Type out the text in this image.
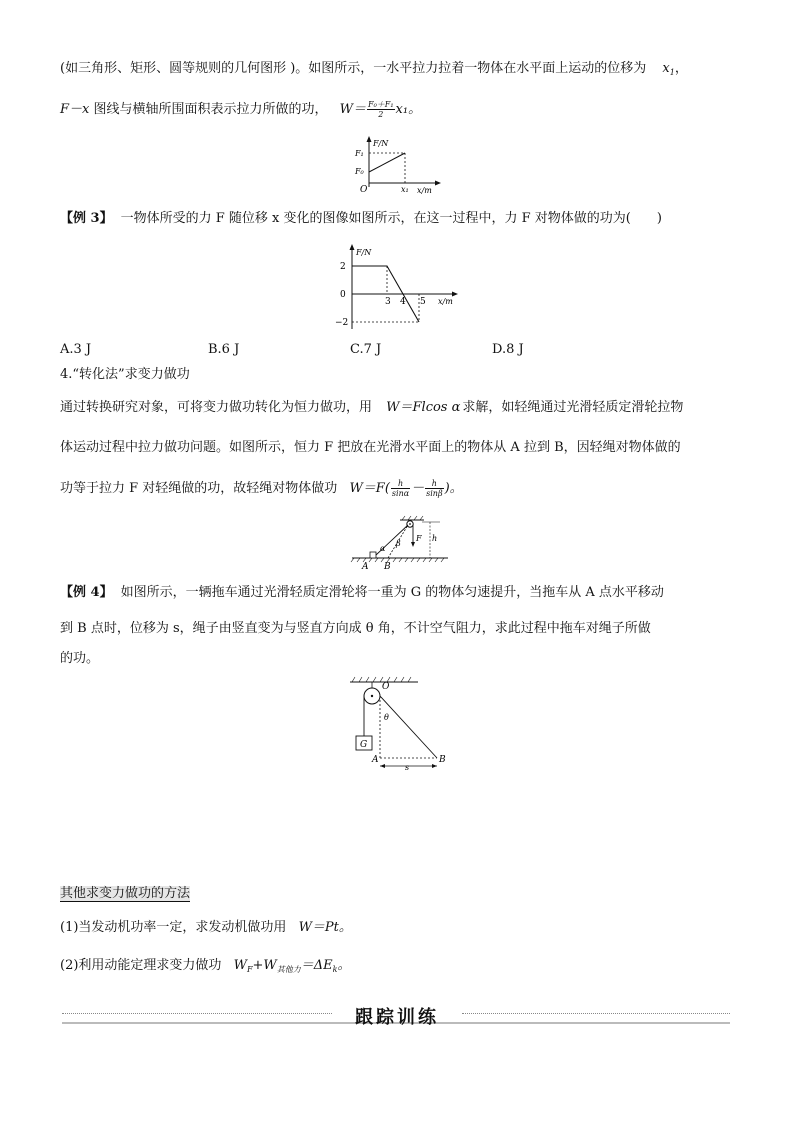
(如三角形、矩形、圆等规则的几何图形 )。如图所示，一水平拉力拉着一物体在水平面上运动的位移为 $x_1$，
F－x 图线与横轴所围面积表示拉力所做的功， $W= \frac{\text{F₀＋F₁}}{2} x_1$。
F/N
F₁
F₀
O	x₁ x/m
【例 3】 一物体所受的力 F 随位移 x 变化的图像如图所示，在这一过程中，力 F 对物体做的功为(　　)
F/N
2
0
−2
3 4 5 x/m
A.3 J	B.6 J	C.7 J	D.8 J
4.“转化法”求变力做功
通过转换研究对象，可将变力做功转化为恒力做功，用 W＝Flcos α 求解，如轻绳通过光滑轻质定滑轮拉物
体运动过程中拉力做功问题。如图所示，恒力 F 把放在光滑水平面上的物体从 A 拉到 B，因轻绳对物体做的
功等于拉力 F 对轻绳做的功，故轻绳对物体做功 $W=F( \frac{h}{\sin\alpha} - \frac{h}{\sin\beta}$ )。
α
β
F h
A B
【例 4】 如图所示，一辆拖车通过光滑轻质定滑轮将一重为 G 的物体匀速提升，当拖车从 A 点水平移动
到 B 点时，位移为 s，绳子由竖直变为与竖直方向成 θ 角，不计空气阻力，求此过程中拖车对绳子所做
的功。
O
θ
G
A	B
s
其他求变力做功的方法
(1)当发动机功率一定，求发动机做功用 W＝Pt。
(2)利用动能定理求变力做功 $W_F+W_{其他力}=\Delta E_k$。
跟踪训练
